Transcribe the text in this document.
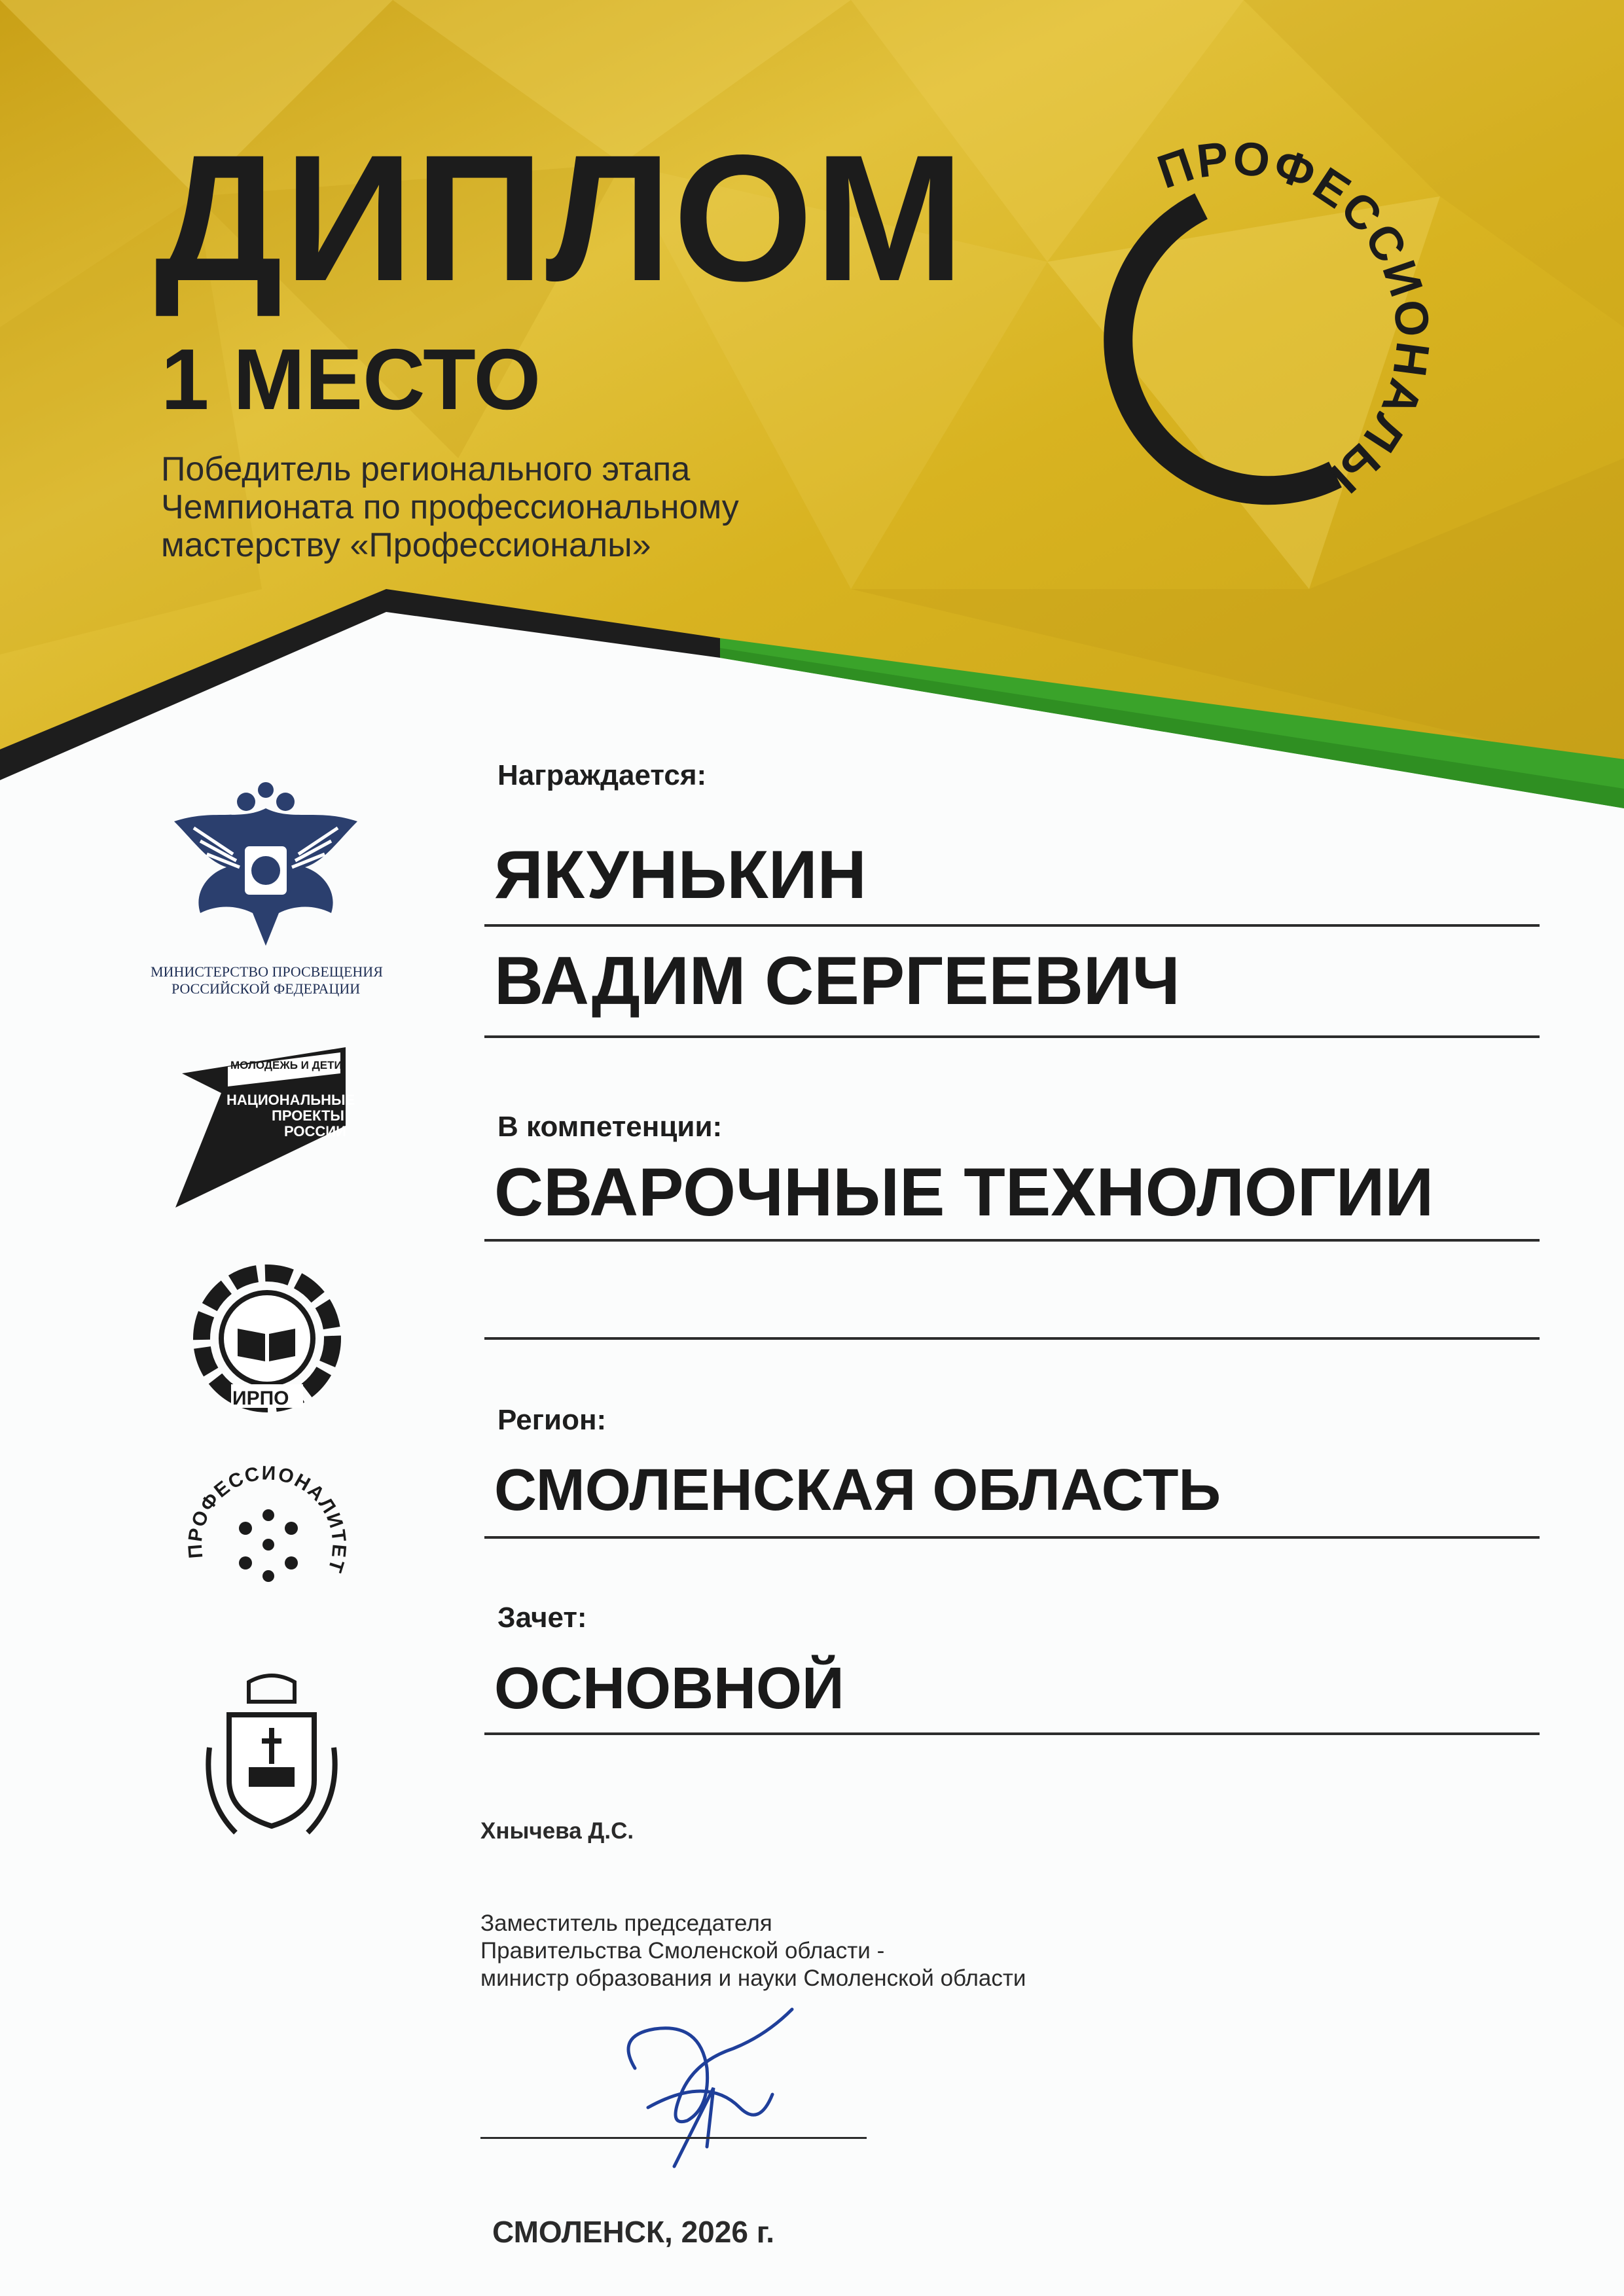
ДИПЛОМ
1 МЕСТО
Победитель регионального этапа
Чемпионата по профессиональному
мастерству «Профессионалы»
ПРОФЕССИОНАЛЫ
МИНИСТЕРСТВО ПРОСВЕЩЕНИЯ
РОССИЙСКОЙ ФЕДЕРАЦИИ
МОЛОДЁЖЬ И ДЕТИ
НАЦИОНАЛЬНЫЕ
ПРОЕКТЫ
РОССИИ
ИРПО
ПРОФЕССИОНАЛИТЕТ
Награждается:
ЯКУНЬКИН
ВАДИМ СЕРГЕЕВИЧ
В компетенции:
СВАРОЧНЫЕ ТЕХНОЛОГИИ
Регион:
СМОЛЕНСКАЯ ОБЛАСТЬ
Зачет:
ОСНОВНОЙ
Хнычева Д.С.
Заместитель председателя
Правительства Смоленской области -
министр образования и науки Смоленской области
СМОЛЕНСК, 2026 г.
